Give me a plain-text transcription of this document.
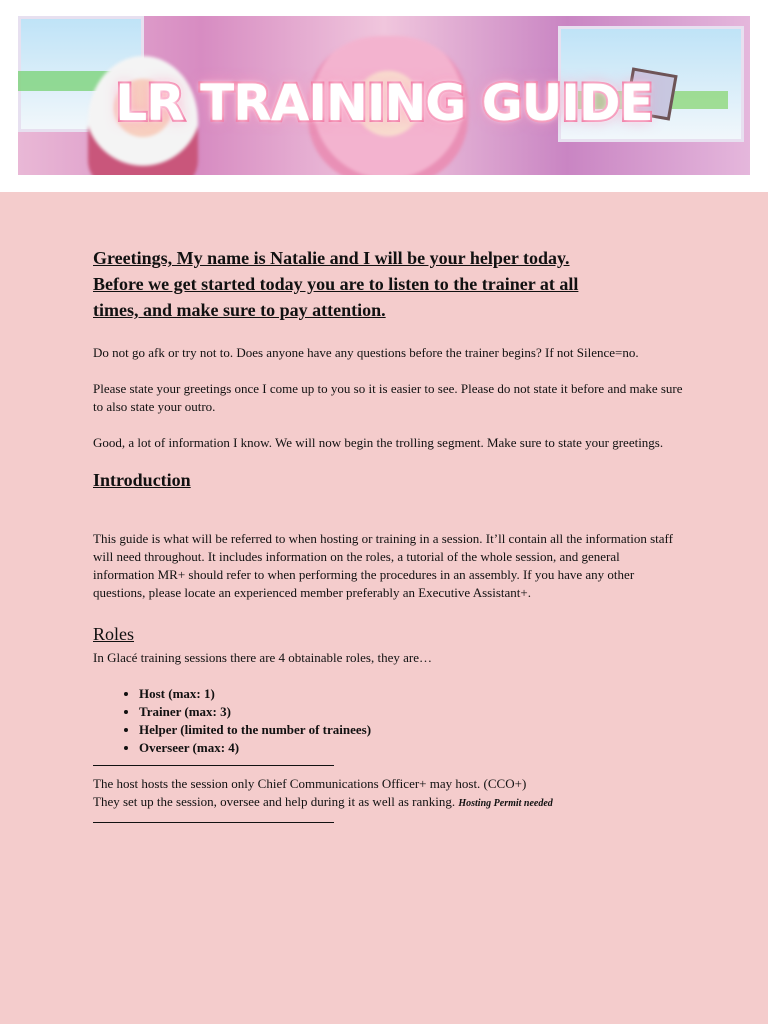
LR TRAINING GUIDE

Greetings, My name is Natalie and I will be your helper today.
Before we get started today you are to listen to the trainer at all
times, and make sure to pay attention.

Do not go afk or try not to. Does anyone have any questions before the trainer begins? If not Silence=no.

Please state your greetings once I come up to you so it is easier to see. Please do not state it before and make sure to also state your outro.

Good, a lot of information I know. We will now begin the trolling segment. Make sure to state your greetings.

Introduction

This guide is what will be referred to when hosting or training in a session. It’ll contain all the information staff will need throughout. It includes information on the roles, a tutorial of the whole session, and general information MR+ should refer to when performing the procedures in an assembly. If you have any other questions, please locate an experienced member preferably an Executive Assistant+.

Roles

In Glacé training sessions there are 4 obtainable roles, they are…

• Host (max: 1)
• Trainer (max: 3)
• Helper (limited to the number of trainees)
• Overseer (max: 4)

The host hosts the session only Chief Communications Officer+ may host. (CCO+)

They set up the session, oversee and help during it as well as ranking. Hosting Permit needed
